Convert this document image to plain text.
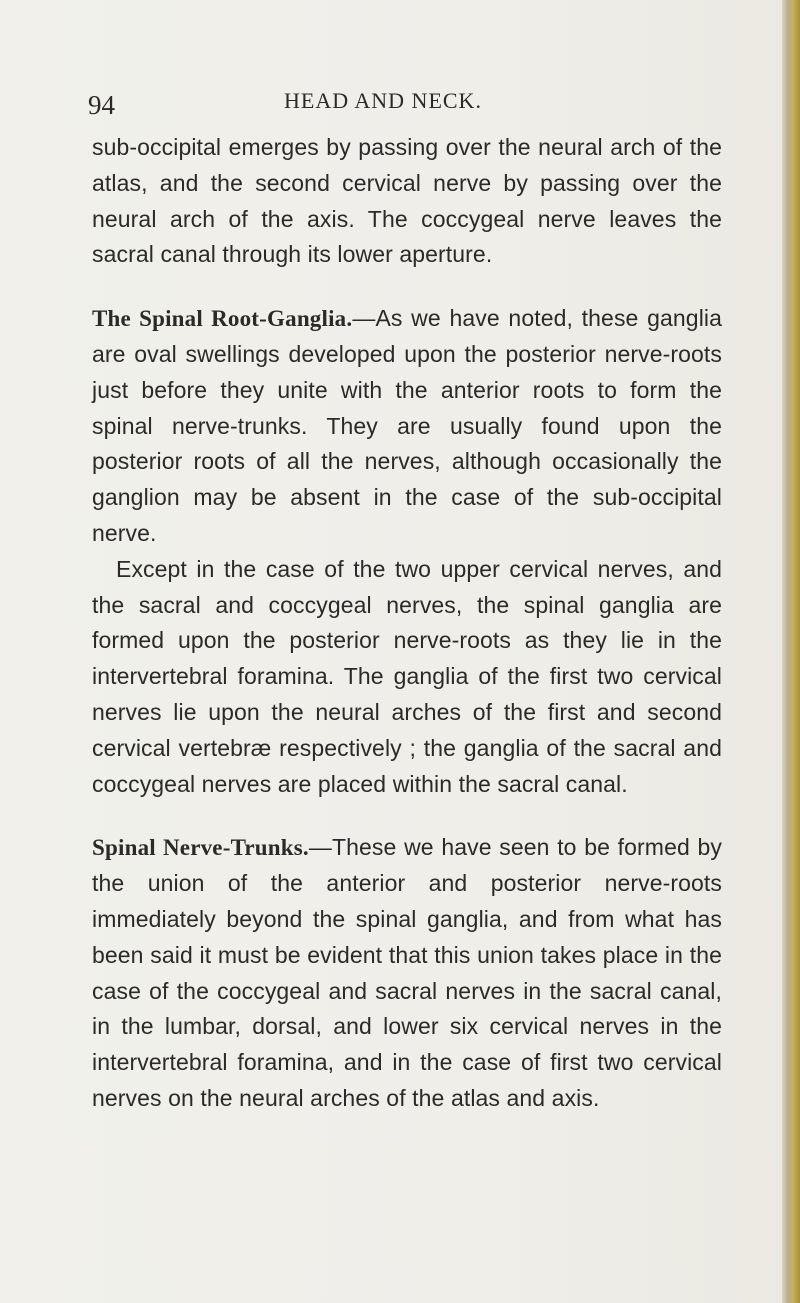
94	HEAD AND NECK.

sub-occipital emerges by passing over the neural arch of the atlas, and the second cervical nerve by passing over the neural arch of the axis. The coccygeal nerve leaves the sacral canal through its lower aperture.

The Spinal Root-Ganglia.—As we have noted, these ganglia are oval swellings developed upon the posterior nerve-roots just before they unite with the anterior roots to form the spinal nerve-trunks. They are usually found upon the posterior roots of all the nerves, although occasionally the ganglion may be absent in the case of the sub-occipital nerve.

Except in the case of the two upper cervical nerves, and the sacral and coccygeal nerves, the spinal ganglia are formed upon the posterior nerve-roots as they lie in the intervertebral foramina. The ganglia of the first two cervical nerves lie upon the neural arches of the first and second cervical vertebræ respectively ; the ganglia of the sacral and coccygeal nerves are placed within the sacral canal.

Spinal Nerve-Trunks.—These we have seen to be formed by the union of the anterior and posterior nerve-roots immediately beyond the spinal ganglia, and from what has been said it must be evident that this union takes place in the case of the coccygeal and sacral nerves in the sacral canal, in the lumbar, dorsal, and lower six cervical nerves in the intervertebral foramina, and in the case of first two cervical nerves on the neural arches of the atlas and axis.
